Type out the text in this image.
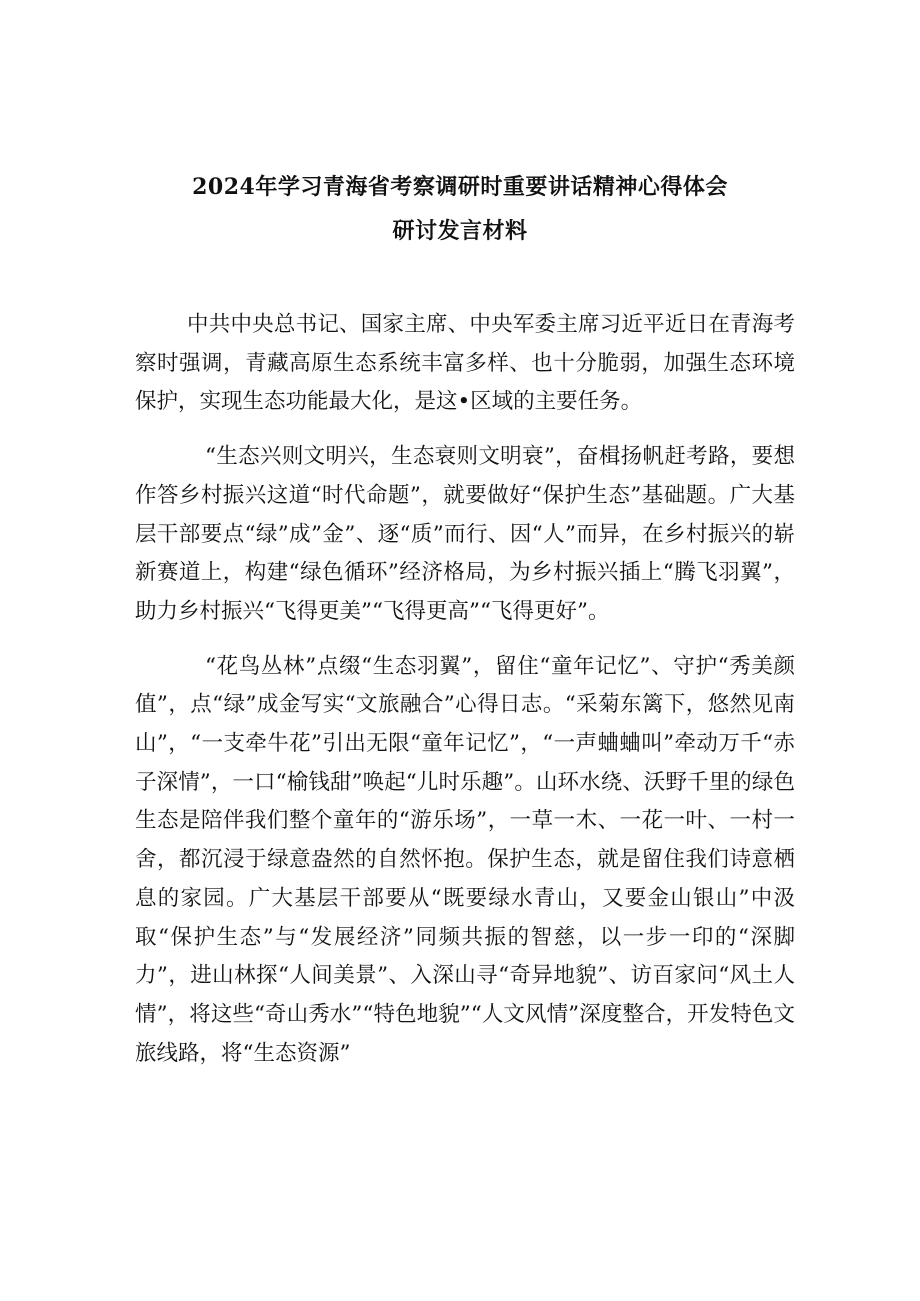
2024年学习青海省考察调研时重要讲话精神心得体会
研讨发言材料

中共中央总书记、国家主席、中央军委主席习近平近日在青海考察时强调，青藏高原生态系统丰富多样、也十分脆弱，加强生态环境保护，实现生态功能最大化，是这•区域的主要任务。

“生态兴则文明兴，生态衰则文明衰”，奋楫扬帆赶考路，要想作答乡村振兴这道“时代命题”，就要做好“保护生态”基础题。广大基层干部要点“绿”成”金”、逐“质”而行、因“人”而异，在乡村振兴的崭新赛道上，构建“绿色循环”经济格局，为乡村振兴插上“腾飞羽翼”，助力乡村振兴“飞得更美”“飞得更高”“飞得更好”。

“花鸟丛林”点缀“生态羽翼”，留住“童年记忆”、守护“秀美颜值”，点“绿”成金写实“文旅融合”心得日志。“采菊东篱下，悠然见南山”，“一支牵牛花”引出无限“童年记忆”，“一声蛐蛐叫”牵动万千“赤子深情”，一口“榆钱甜”唤起“儿时乐趣”。山环水绕、沃野千里的绿色生态是陪伴我们整个童年的“游乐场”，一草一木、一花一叶、一村一舍，都沉浸于绿意盎然的自然怀抱。保护生态，就是留住我们诗意栖息的家园。广大基层干部要从“既要绿水青山，又要金山银山”中汲取“保护生态”与“发展经济”同频共振的智慈，以一步一印的“深脚力”，进山林探“人间美景”、入深山寻“奇异地貌”、访百家问“风土人情”，将这些“奇山秀水”“特色地貌”“人文风情”深度整合，开发特色文旅线路，将“生态资源”
